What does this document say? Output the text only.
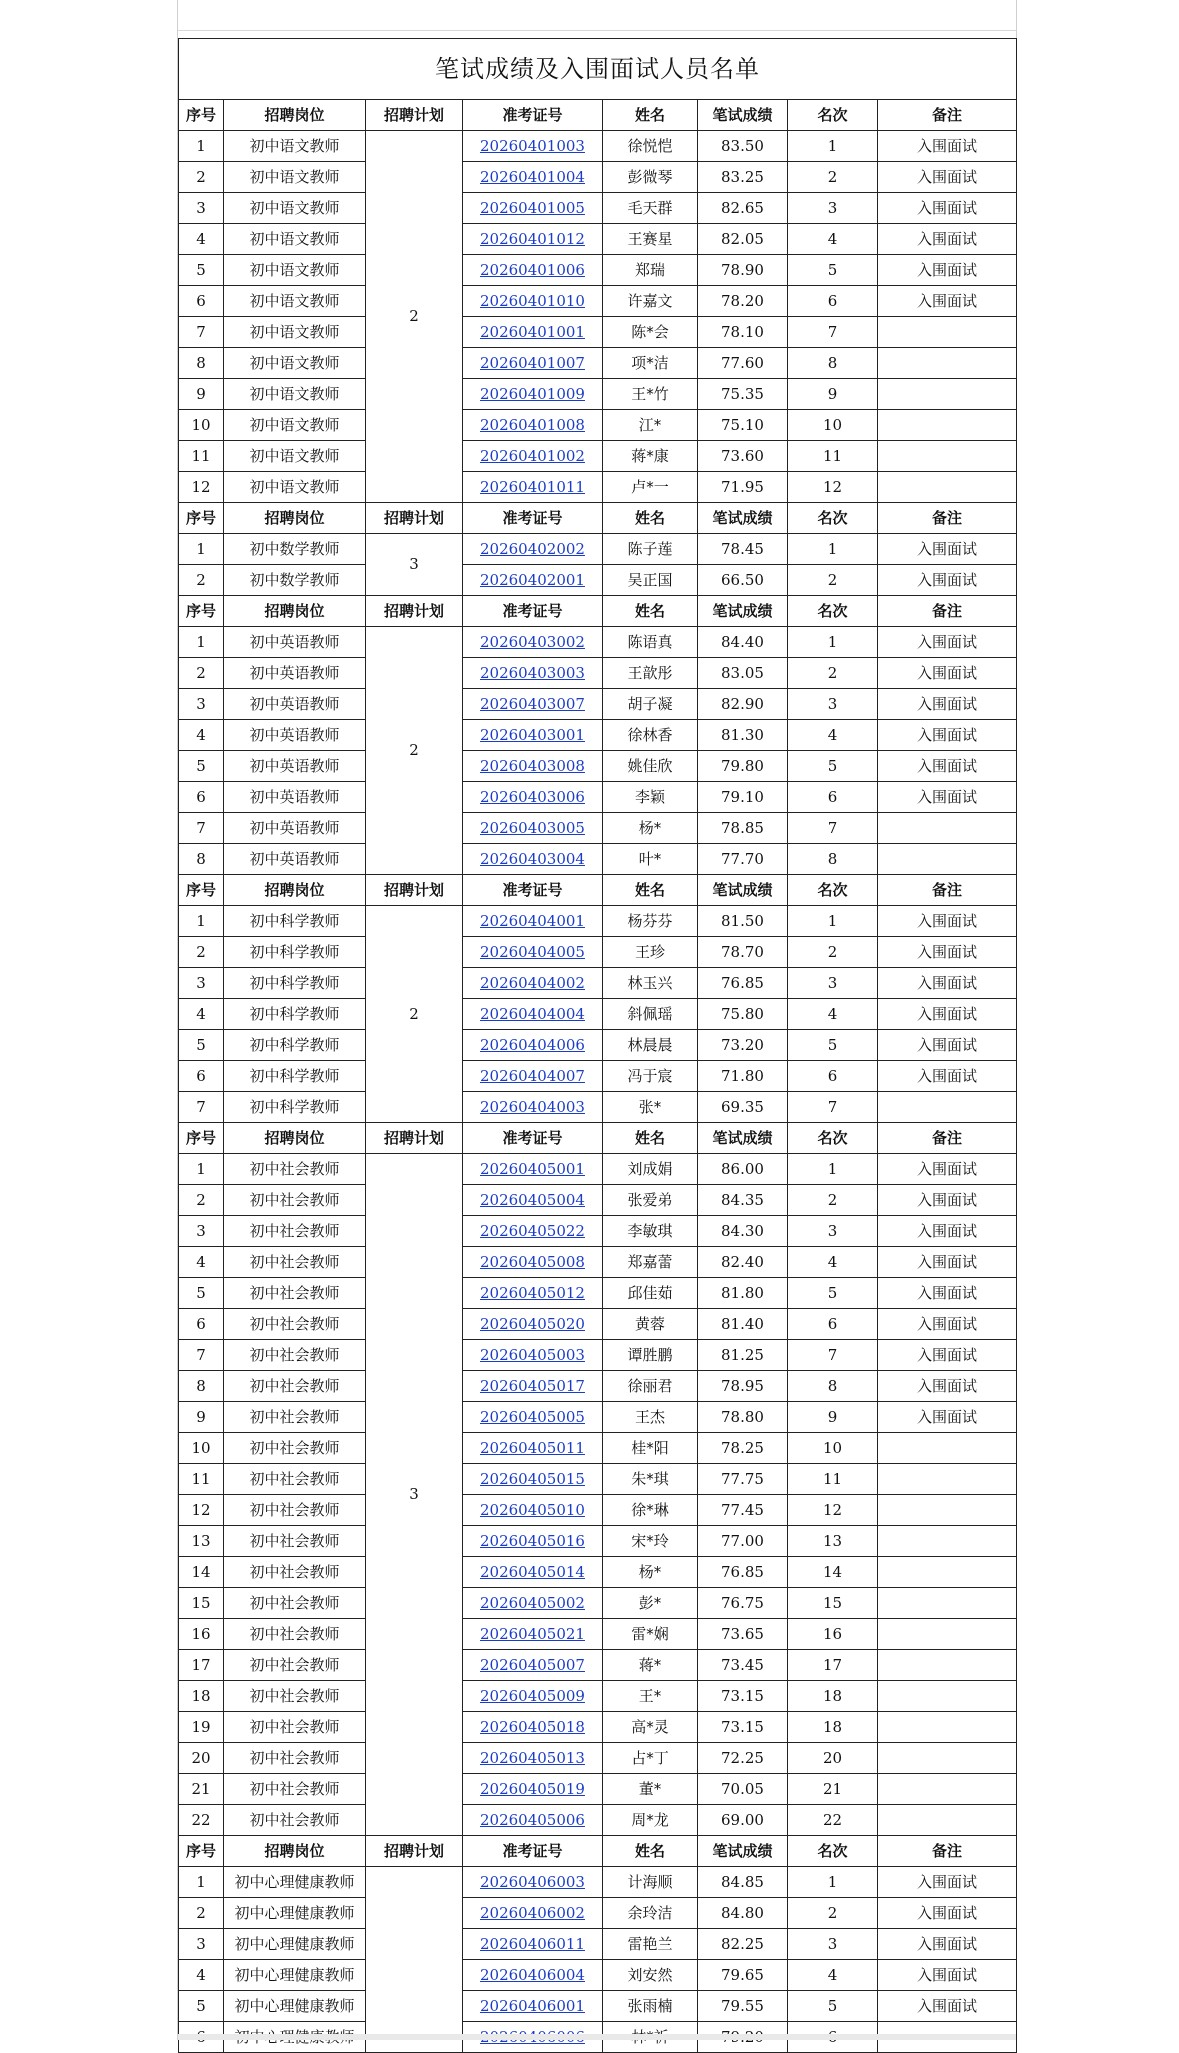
笔试成绩及入围面试人员名单							
序号	招聘岗位	招聘计划	准考证号	姓名	笔试成绩	名次	备注
1	初中语文教师	2	20260401003	徐悦恺	83.50	1	入围面试
2	初中语文教师		20260401004	彭微琴	83.25	2	入围面试
3	初中语文教师		20260401005	毛天群	82.65	3	入围面试
4	初中语文教师		20260401012	王赛星	82.05	4	入围面试
5	初中语文教师		20260401006	郑瑞	78.90	5	入围面试
6	初中语文教师		20260401010	许嘉文	78.20	6	入围面试
7	初中语文教师		20260401001	陈*会	78.10	7	
8	初中语文教师		20260401007	项*洁	77.60	8	
9	初中语文教师		20260401009	王*竹	75.35	9	
10	初中语文教师		20260401008	江*	75.10	10	
11	初中语文教师		20260401002	蒋*康	73.60	11	
12	初中语文教师		20260401011	卢*一	71.95	12	
序号	招聘岗位	招聘计划	准考证号	姓名	笔试成绩	名次	备注
1	初中数学教师	3	20260402002	陈子莲	78.45	1	入围面试
2	初中数学教师		20260402001	吴正国	66.50	2	入围面试
序号	招聘岗位	招聘计划	准考证号	姓名	笔试成绩	名次	备注
1	初中英语教师	2	20260403002	陈语真	84.40	1	入围面试
2	初中英语教师		20260403003	王歆彤	83.05	2	入围面试
3	初中英语教师		20260403007	胡子凝	82.90	3	入围面试
4	初中英语教师		20260403001	徐林香	81.30	4	入围面试
5	初中英语教师		20260403008	姚佳欣	79.80	5	入围面试
6	初中英语教师		20260403006	李颖	79.10	6	入围面试
7	初中英语教师		20260403005	杨*	78.85	7	
8	初中英语教师		20260403004	叶*	77.70	8	
序号	招聘岗位	招聘计划	准考证号	姓名	笔试成绩	名次	备注
1	初中科学教师	2	20260404001	杨芬芬	81.50	1	入围面试
2	初中科学教师		20260404005	王珍	78.70	2	入围面试
3	初中科学教师		20260404002	林玉兴	76.85	3	入围面试
4	初中科学教师		20260404004	斜佩瑶	75.80	4	入围面试
5	初中科学教师		20260404006	林晨晨	73.20	5	入围面试
6	初中科学教师		20260404007	冯于宸	71.80	6	入围面试
7	初中科学教师		20260404003	张*	69.35	7	
序号	招聘岗位	招聘计划	准考证号	姓名	笔试成绩	名次	备注
1	初中社会教师	3	20260405001	刘成娟	86.00	1	入围面试
2	初中社会教师		20260405004	张爱弟	84.35	2	入围面试
3	初中社会教师		20260405022	李敏琪	84.30	3	入围面试
4	初中社会教师		20260405008	郑嘉蕾	82.40	4	入围面试
5	初中社会教师		20260405012	邱佳茹	81.80	5	入围面试
6	初中社会教师		20260405020	黄蓉	81.40	6	入围面试
7	初中社会教师		20260405003	谭胜鹏	81.25	7	入围面试
8	初中社会教师		20260405017	徐丽君	78.95	8	入围面试
9	初中社会教师		20260405005	王杰	78.80	9	入围面试
10	初中社会教师		20260405011	桂*阳	78.25	10	
11	初中社会教师		20260405015	朱*琪	77.75	11	
12	初中社会教师		20260405010	徐*琳	77.45	12	
13	初中社会教师		20260405016	宋*玲	77.00	13	
14	初中社会教师		20260405014	杨*	76.85	14	
15	初中社会教师		20260405002	彭*	76.75	15	
16	初中社会教师		20260405021	雷*娴	73.65	16	
17	初中社会教师		20260405007	蒋*	73.45	17	
18	初中社会教师		20260405009	王*	73.15	18	
19	初中社会教师		20260405018	高*灵	73.15	18	
20	初中社会教师		20260405013	占*丁	72.25	20	
21	初中社会教师		20260405019	董*	70.05	21	
22	初中社会教师		20260405006	周*龙	69.00	22	
序号	招聘岗位	招聘计划	准考证号	姓名	笔试成绩	名次	备注
1	初中心理健康教师		20260406003	计海顺	84.85	1	入围面试
2	初中心理健康教师		20260406002	余玲洁	84.80	2	入围面试
3	初中心理健康教师		20260406011	雷艳兰	82.25	3	入围面试
4	初中心理健康教师		20260406004	刘安然	79.65	4	入围面试
5	初中心理健康教师		20260406001	张雨楠	79.55	5	入围面试
